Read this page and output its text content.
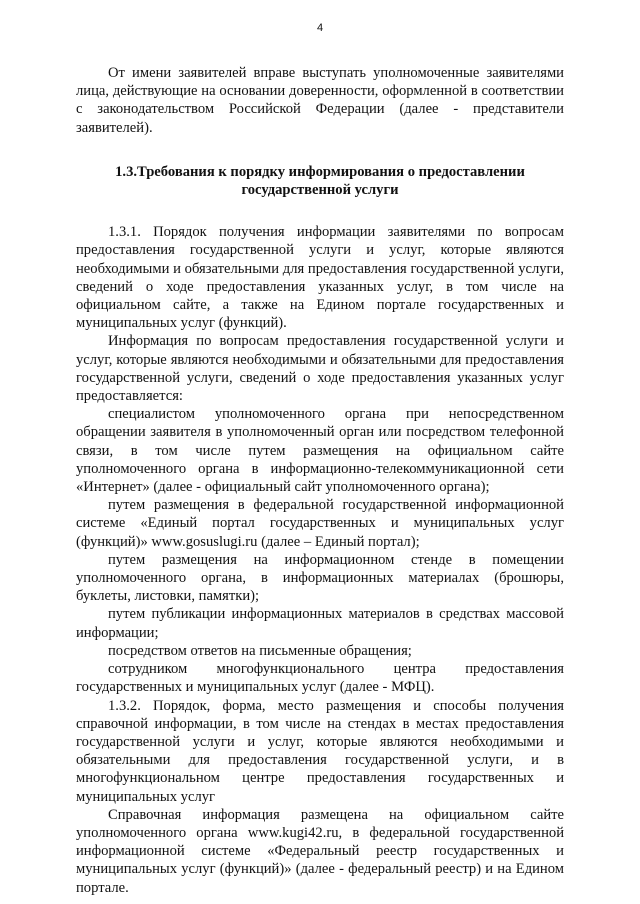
4

От имени заявителей вправе выступать уполномоченные заявителями лица, действующие на основании доверенности, оформленной в соответствии с законодательством Российской Федерации (далее - представители заявителей).

1.3.Требования к порядку информирования о предоставлении государственной услуги

1.3.1. Порядок получения информации заявителями по вопросам предоставления государственной услуги и услуг, которые являются необходимыми и обязательными для предоставления государственной услуги, сведений о ходе предоставления указанных услуг, в том числе на официальном сайте, а также на Едином портале государственных и муниципальных услуг (функций).

Информация по вопросам предоставления государственной услуги и услуг, которые являются необходимыми и обязательными для предоставления государственной услуги, сведений о ходе предоставления указанных услуг предоставляется:

специалистом уполномоченного органа при непосредственном обращении заявителя в уполномоченный орган или посредством телефонной связи, в том числе путем размещения на официальном сайте уполномоченного органа в информационно-телекоммуникационной сети «Интернет» (далее - официальный сайт уполномоченного органа);

путем размещения в федеральной государственной информационной системе «Единый портал государственных и муниципальных услуг (функций)» www.gosuslugi.ru (далее – Единый портал);

путем размещения на информационном стенде в помещении уполномоченного органа, в информационных материалах (брошюры, буклеты, листовки, памятки);

путем публикации информационных материалов в средствах массовой информации;

посредством ответов на письменные обращения;

сотрудником многофункционального центра предоставления государственных и муниципальных услуг (далее - МФЦ).

1.3.2. Порядок, форма, место размещения и способы получения справочной информации, в том числе на стендах в местах предоставления государственной услуги и услуг, которые являются необходимыми и обязательными для предоставления государственной услуги, и в многофункциональном центре предоставления государственных и муниципальных услуг

Справочная информация размещена на официальном сайте уполномоченного органа www.kugi42.ru, в федеральной государственной информационной системе «Федеральный реестр государственных и муниципальных услуг (функций)» (далее - федеральный реестр) и на Едином портале.
